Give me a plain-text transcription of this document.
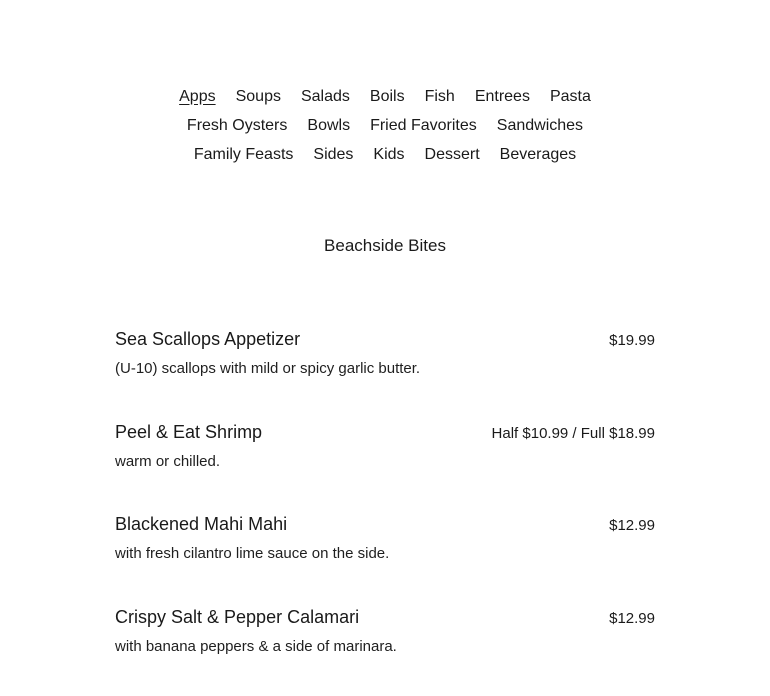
Apps Soups Salads Boils Fish Entrees Pasta
Fresh Oysters Bowls Fried Favorites Sandwiches
Family Feasts Sides Kids Dessert Beverages
Beachside Bites
Sea Scallops Appetizer	$19.99
(U-10) scallops with mild or spicy garlic butter.
Peel & Eat Shrimp	Half $10.99 / Full $18.99
warm or chilled.
Blackened Mahi Mahi	$12.99
with fresh cilantro lime sauce on the side.
Crispy Salt & Pepper Calamari	$12.99
with banana peppers & a side of marinara.
